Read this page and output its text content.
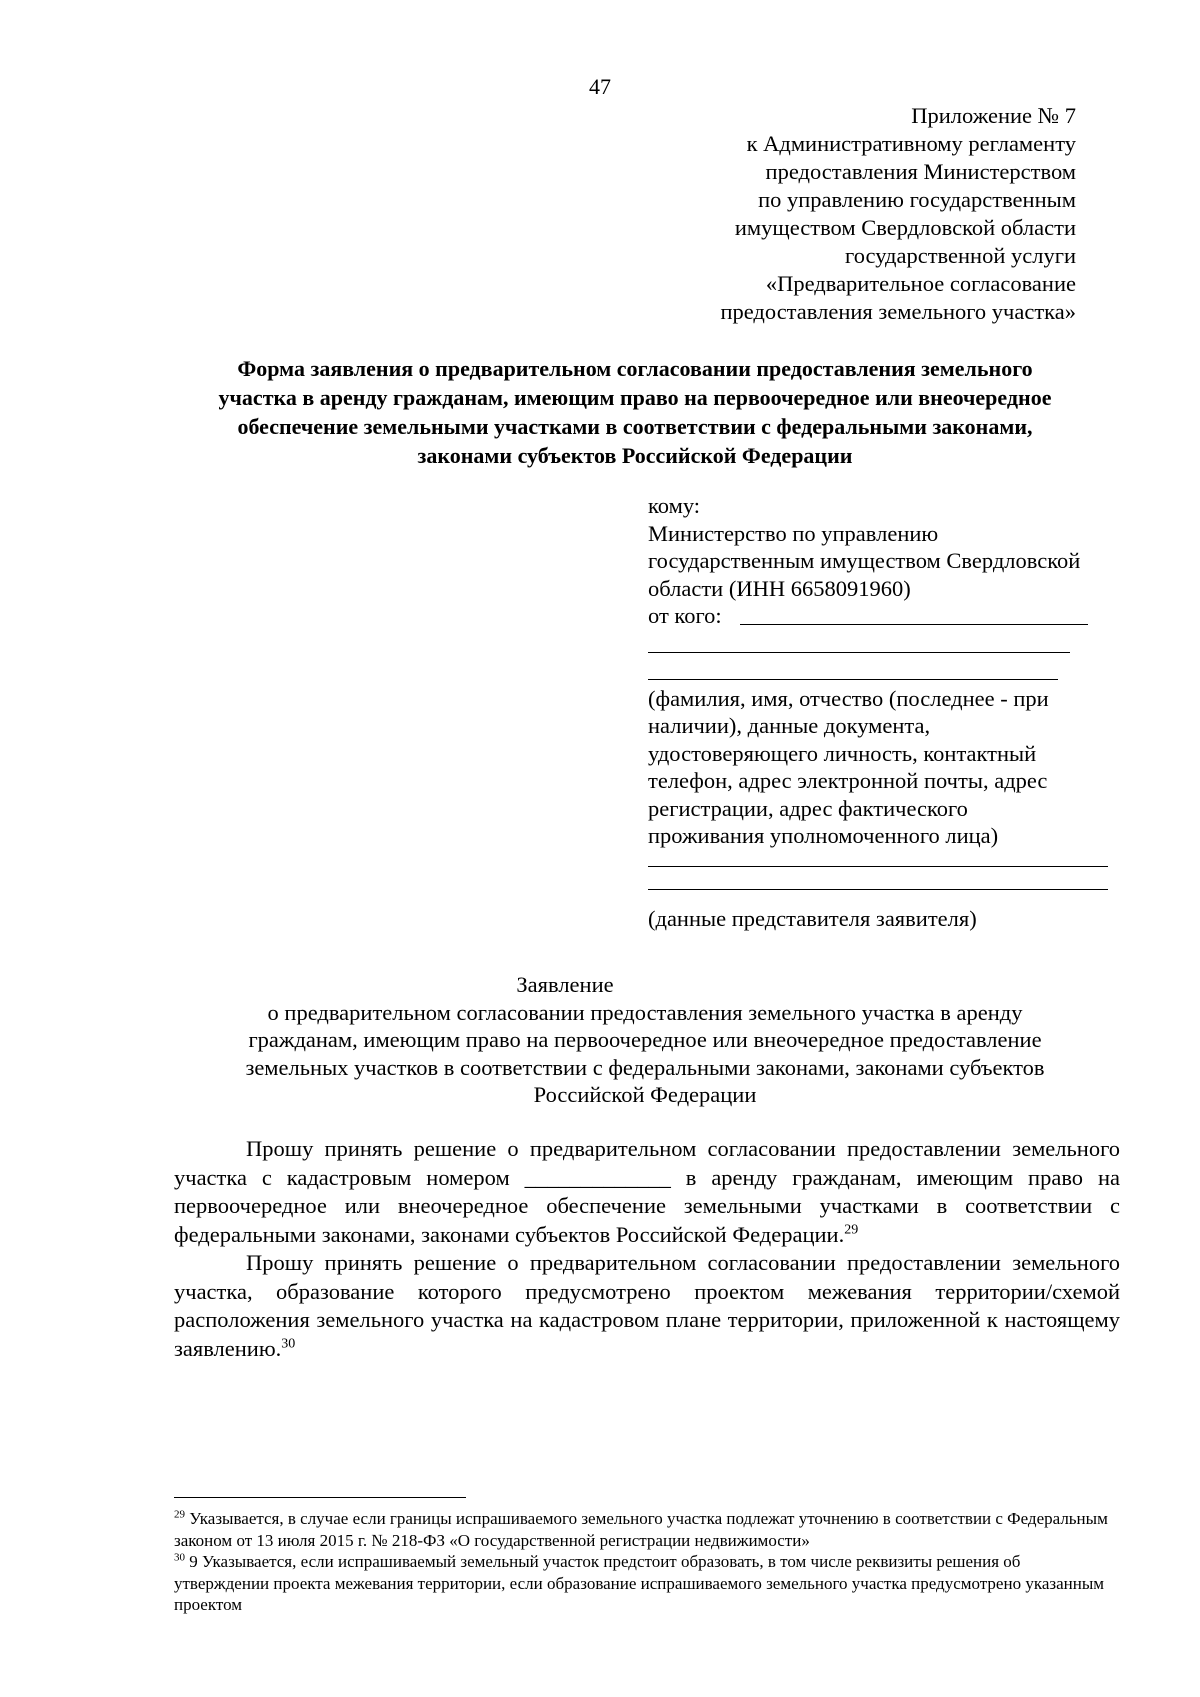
47
Приложение № 7
к Административному регламенту
предоставления Министерством
по управлению государственным
имуществом Свердловской области
государственной услуги
«Предварительное согласование
предоставления земельного участка»
Форма заявления о предварительном согласовании предоставления земельного
участка в аренду гражданам, имеющим право на первоочередное или внеочередное
обеспечение земельными участками в соответствии с федеральными законами,
законами субъектов Российской Федерации
кому:
Министерство по управлению
государственным имуществом Свердловской
области (ИНН 6658091960)
от кого:
(фамилия, имя, отчество (последнее - при
наличии), данные документа,
удостоверяющего личность, контактный
телефон, адрес электронной почты, адрес
регистрации, адрес фактического
проживания уполномоченного лица)
(данные представителя заявителя)
Заявление
о предварительном согласовании предоставления земельного участка в аренду
гражданам, имеющим право на первоочередное или внеочередное предоставление
земельных участков в соответствии с федеральными законами, законами субъектов
Российской Федерации

Прошу принять решение о предварительном согласовании предоставлении земельного участка с кадастровым номером _____________ в аренду гражданам, имеющим право на первоочередное или внеочередное обеспечение земельными участками в соответствии с федеральными законами, законами субъектов Российской Федерации.$^{29}$

Прошу принять решение о предварительном согласовании предоставлении земельного участка, образование которого предусмотрено проектом межевания территории/схемой расположения земельного участка на кадастровом плане территории, приложенной к настоящему заявлению.$^{30}$

$^{29}$ Указывается, в случае если границы испрашиваемого земельного участка подлежат уточнению в соответствии с Федеральным законом от 13 июля 2015 г. № 218-ФЗ «О государственной регистрации недвижимости»

$^{30}$ 9 Указывается, если испрашиваемый земельный участок предстоит образовать, в том числе реквизиты решения об утверждении проекта межевания территории, если образование испрашиваемого земельного участка предусмотрено указанным проектом
